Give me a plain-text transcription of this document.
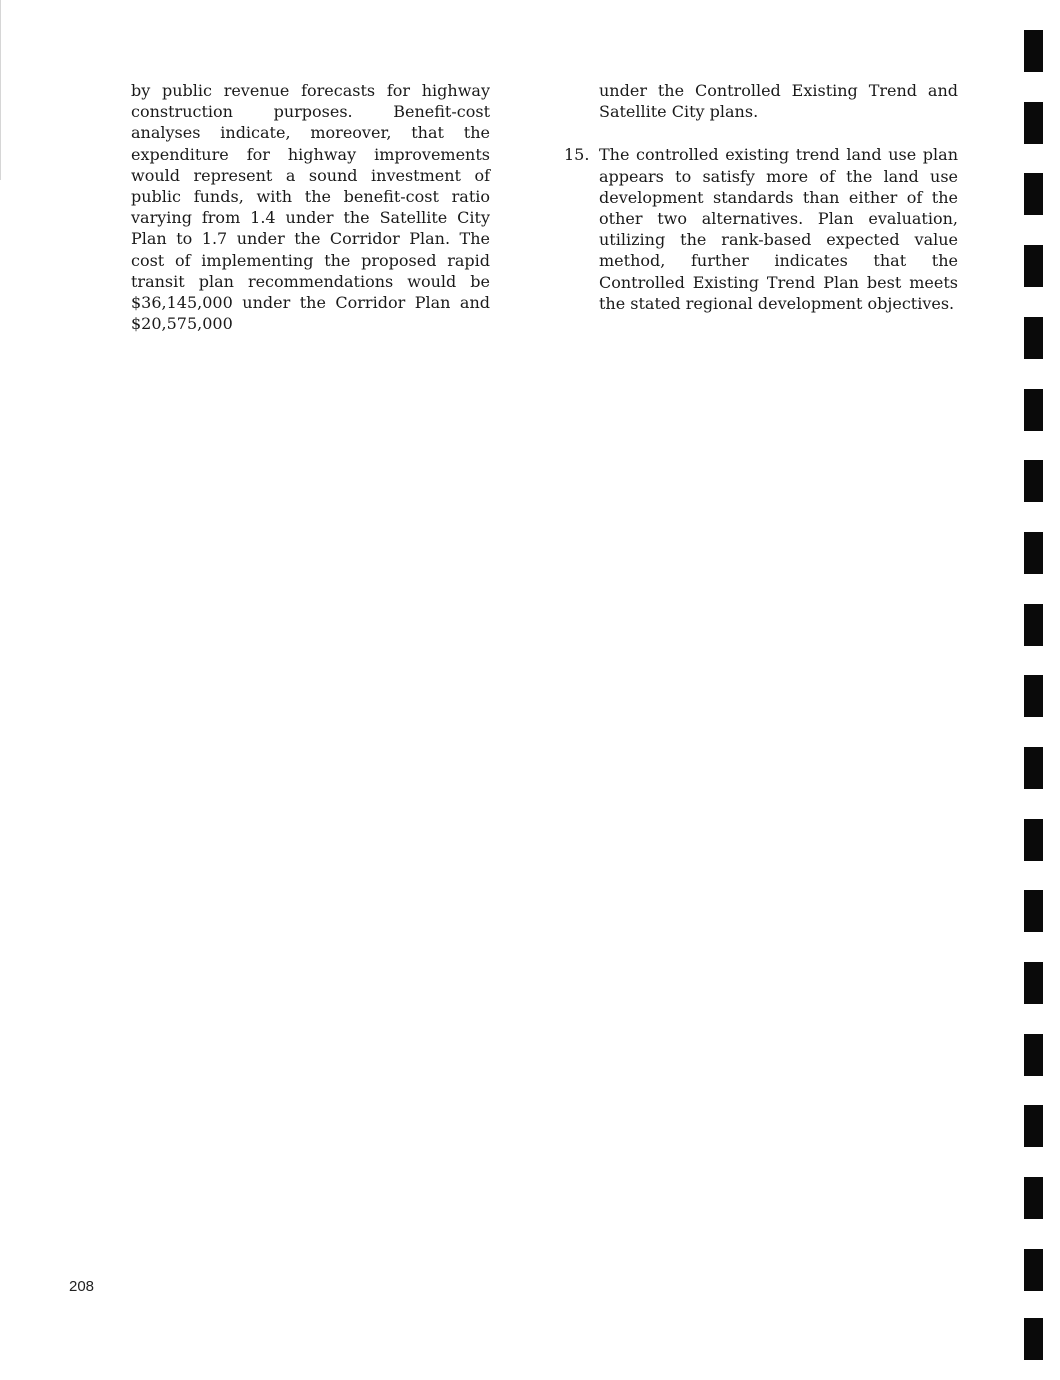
by public revenue forecasts for highway construction purposes. Benefit-cost analyses indicate, moreover, that the expenditure for highway improvements would represent a sound investment of public funds, with the benefit-cost ratio varying from 1.4 under the Satellite City Plan to 1.7 under the Corridor Plan. The cost of implementing the proposed rapid transit plan recommendations would be $36,145,000 under the Corridor Plan and $20,575,000

under the Controlled Existing Trend and Satellite City plans.

15. The controlled existing trend land use plan appears to satisfy more of the land use development standards than either of the other two alternatives. Plan evaluation, utilizing the rank-based expected value method, further indicates that the Controlled Existing Trend Plan best meets the stated regional development objectives.
208
